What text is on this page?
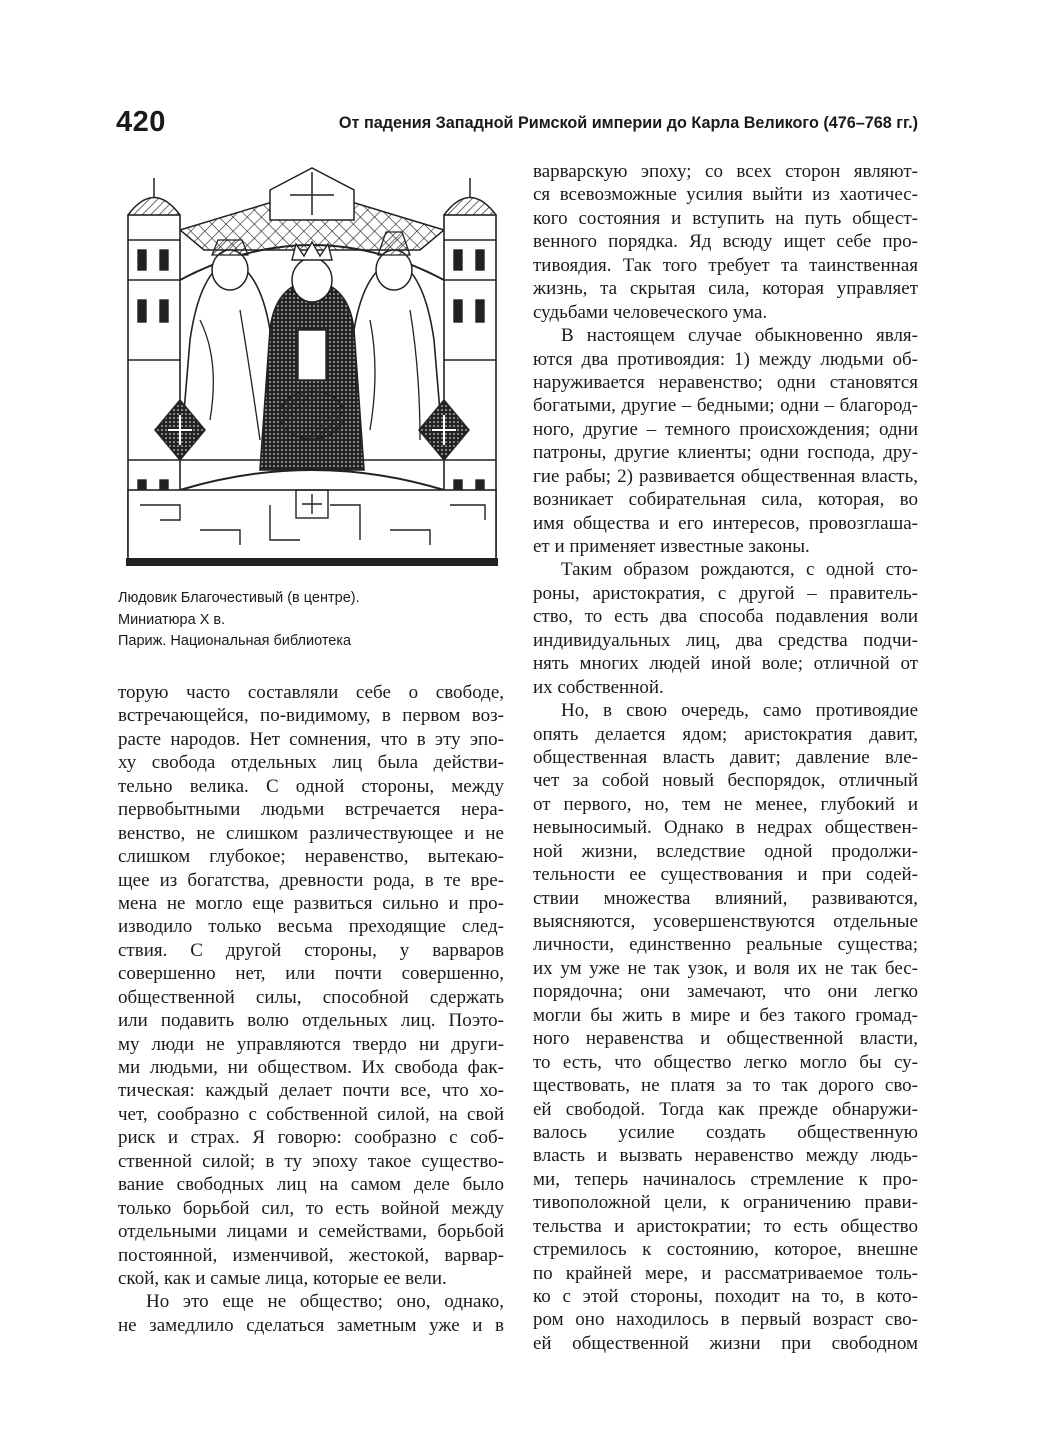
420	От падения Западной Римской империи до Карла Великого (476–768 гг.)
Людовик Благочестивый (в центре).
Миниатюра X в.
Париж. Национальная библиотека
торую часто составляли себе о свободе,
встречающейся, по-видимому, в первом воз-
расте народов. Нет сомнения, что в эту эпо-
ху свобода отдельных лиц была действи-
тельно велика. С одной стороны, между
первобытными людьми встречается нера-
венство, не слишком различествующее и не
слишком глубокое; неравенство, вытекаю-
щее из богатства, древности рода, в те вре-
мена не могло еще развиться сильно и про-
изводило только весьма преходящие след-
ствия. С другой стороны, у варваров
совершенно нет, или почти совершенно,
общественной силы, способной сдержать
или подавить волю отдельных лиц. Поэто-
му люди не управляются твердо ни други-
ми людьми, ни обществом. Их свобода фак-
тическая: каждый делает почти все, что хо-
чет, сообразно с собственной силой, на свой
риск и страх. Я говорю: сообразно с соб-
ственной силой; в ту эпоху такое существо-
вание свободных лиц на самом деле было
только борьбой сил, то есть войной между
отдельными лицами и семействами, борьбой
постоянной, изменчивой, жестокой, варвар-
ской, как и самые лица, которые ее вели.
Но это еще не общество; оно, однако,
не замедлило сделаться заметным уже и в
варварскую эпоху; со всех сторон являют-
ся всевозможные усилия выйти из хаотичес-
кого состояния и вступить на путь общест-
венного порядка. Яд всюду ищет себе про-
тивоядия. Так того требует та таинственная
жизнь, та скрытая сила, которая управляет
судьбами человеческого ума.
В настоящем случае обыкновенно явля-
ются два противоядия: 1) между людьми об-
наруживается неравенство; одни становятся
богатыми, другие – бедными; одни – благород-
ного, другие – темного происхождения; одни
патроны, другие клиенты; одни господа, дру-
гие рабы; 2) развивается общественная власть,
возникает собирательная сила, которая, во
имя общества и его интересов, провозглаша-
ет и применяет известные законы.
Таким образом рождаются, с одной сто-
роны, аристократия, с другой – правитель-
ство, то есть два способа подавления воли
индивидуальных лиц, два средства подчи-
нять многих людей иной воле; отличной от
их собственной.
Но, в свою очередь, само противоядие
опять делается ядом; аристократия давит,
общественная власть давит; давление вле-
чет за собой новый беспорядок, отличный
от первого, но, тем не менее, глубокий и
невыносимый. Однако в недрах обществен-
ной жизни, вследствие одной продолжи-
тельности ее существования и при содей-
ствии множества влияний, развиваются,
выясняются, усовершенствуются отдельные
личности, единственно реальные существа;
их ум уже не так узок, и воля их не так бес-
порядочна; они замечают, что они легко
могли бы жить в мире и без такого громад-
ного неравенства и общественной власти,
то есть, что общество легко могло бы су-
ществовать, не платя за то так дорого сво-
ей свободой. Тогда как прежде обнаружи-
валось усилие создать общественную
власть и вызвать неравенство между людь-
ми, теперь начиналось стремление к про-
тивоположной цели, к ограничению прави-
тельства и аристократии; то есть общество
стремилось к состоянию, которое, внешне
по крайней мере, и рассматриваемое толь-
ко с этой стороны, походит на то, в кото-
ром оно находилось в первый возраст сво-
ей общественной жизни при свободном
